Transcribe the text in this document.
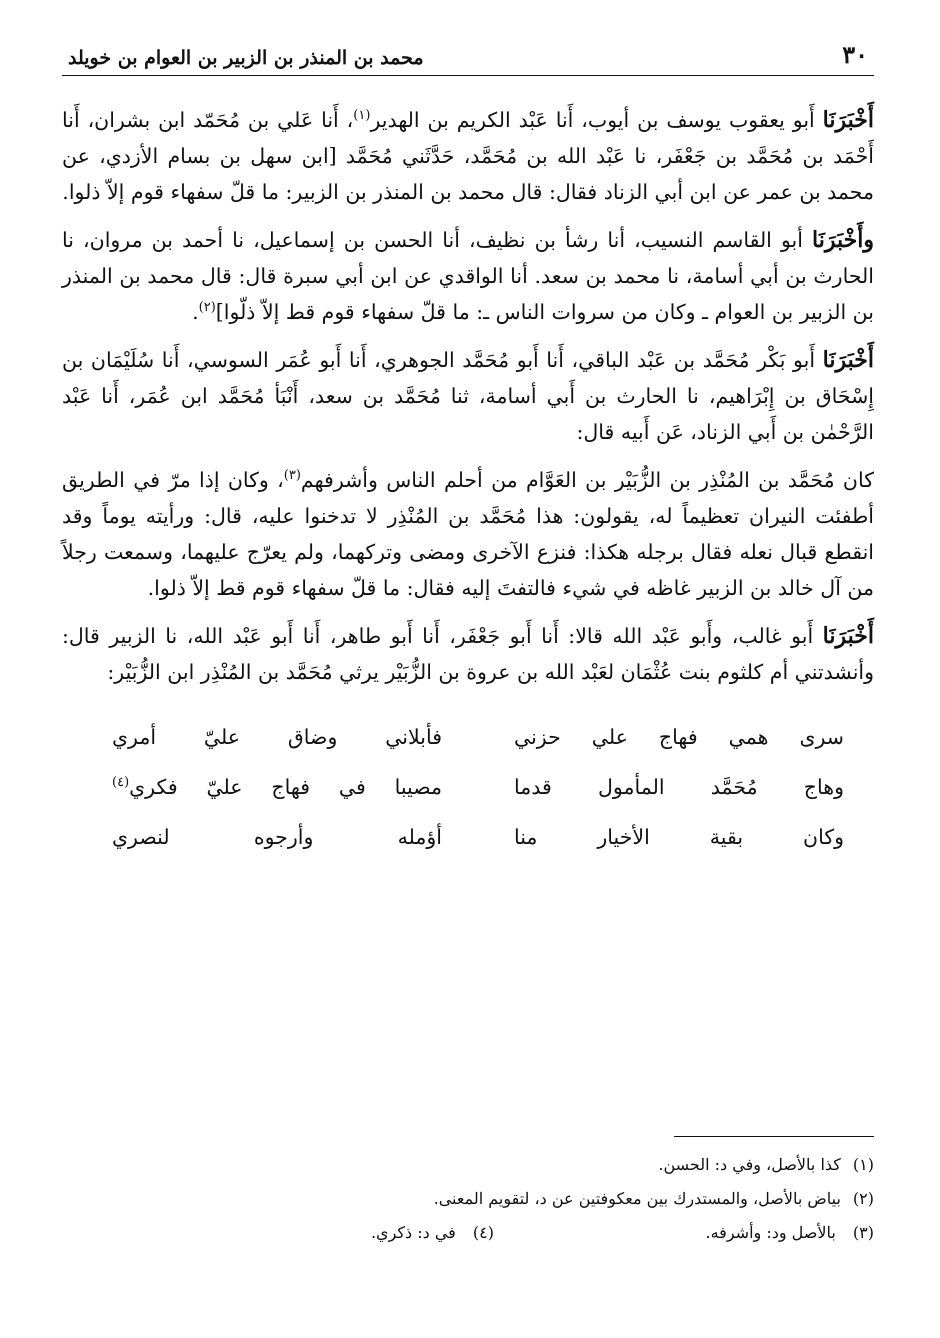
٣٠
محمد بن المنذر بن الزبير بن العوام بن خويلد

أَخْبَرَنَا أَبو يعقوب يوسف بن أيوب، أَنا عَبْد الكريم بن الهدير$^{(١)}$، أَنا عَلي بن مُحَمّد ابن بشران، أَنا أَحْمَد بن مُحَمَّد بن جَعْفَر، نا عَبْد الله بن مُحَمَّد، حَدَّثَني مُحَمَّد [ابن سهل بن بسام الأزدي، عن محمد بن عمر عن ابن أبي الزناد فقال: قال محمد بن المنذر بن الزبير: ما قلّ سفهاء قوم إلاّ ذلوا.

وأَخْبَرَنَا أبو القاسم النسيب، أنا رشأ بن نظيف، أنا الحسن بن إسماعيل، نا أحمد بن مروان، نا الحارث بن أبي أسامة، نا محمد بن سعد. أنا الواقدي عن ابن أبي سبرة قال: قال محمد بن المنذر بن الزبير بن العوام ـ وكان من سروات الناس ـ: ما قلّ سفهاء قوم قط إلاّ ذلّوا]$^{(٢)}$.

أَخْبَرَنَا أَبو بَكْر مُحَمَّد بن عَبْد الباقي، أَنا أَبو مُحَمَّد الجوهري، أَنا أَبو عُمَر السوسي، أَنا سُلَيْمَان بن إِسْحَاق بن إِبْرَاهيم، نا الحارث بن أَبي أسامة، ثنا مُحَمَّد بن سعد، أَنْبَأ مُحَمَّد ابن عُمَر، أَنا عَبْد الرَّحْمٰن بن أَبي الزناد، عَن أَبيه قال:

كان مُحَمَّد بن المُنْذِر بن الزُّبَيْر بن العَوَّام من أحلم الناس وأشرفهم$^{(٣)}$، وكان إذا مرّ في الطريق أطفئت النيران تعظيماً له، يقولون: هذا مُحَمَّد بن المُنْذِر لا تدخنوا عليه، قال: ورأيته يوماً وقد انقطع قبال نعله فقال برجله هكذا: فنزع الآخرى ومضى وتركهما، ولم يعرّج عليهما، وسمعت رجلاً من آل خالد بن الزبير غاظه في شيء فالتفتَ إليه فقال: ما قلّ سفهاء قوم قط إلاّ ذلوا.

أَخْبَرَنَا أَبو غالب، وأَبو عَبْد الله قالا: أَنا أَبو جَعْفَر، أَنا أَبو طاهر، أَنا أَبو عَبْد الله، نا الزبير قال: وأنشدتني أم كلثوم بنت عُثْمَان لعَبْد الله بن عروة بن الزُّبَيْر يرثي مُحَمَّد بن المُنْذِر ابن الزُّبَيْر:

سرى همي فهاج علي حزني
فأبلاني وضاق عليّ أمري
وهاج مُحَمَّد المأمول قدما
مصيبا في فهاج عليّ فكري$^{(٤)}$
وكان بقية الأخيار منا
أؤمله وأرجوه لنصري
(١)
كذا بالأصل، وفي د: الحسن.
(٢)
بياض بالأصل، والمستدرك بين معكوفتين عن د، لتقويم المعنى.
(٣) بالأصل ود: وأشرفه.
(٤) في د: ذكري.
